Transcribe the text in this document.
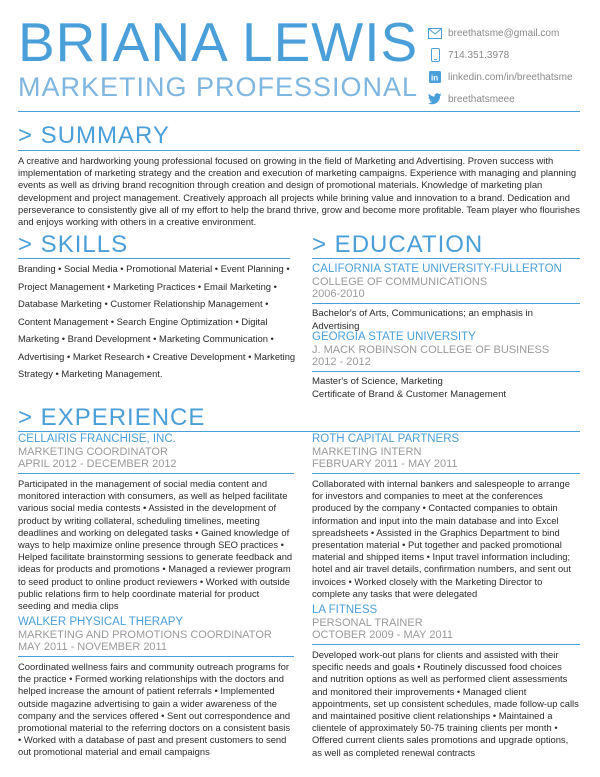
BRIANA LEWIS
MARKETING PROFESSIONAL
breethatsme@gmail.com
714.351.3978
in linkedin.com/in/breethatsme
breethatsmeee
> SUMMARY
A creative and hardworking young professional focused on growing in the field of Marketing and Advertising. Proven success with implementation of marketing strategy and the creation and execution of marketing campaigns. Experience with managing and planning events as well as driving brand recognition through creation and design of promotional materials. Knowledge of marketing plan development and project management. Creatively approach all projects while brining value and innovation to a brand. Dedication and perseverance to consistently give all of my effort to help the brand thrive, grow and become more profitable. Team player who flourishes and enjoys working with others in a creative environment.
> SKILLS
Branding • Social Media • Promotional Material • Event Planning •
Project Management • Marketing Practices • Email Marketing •
Database Marketing • Customer Relationship Management •
Content Management • Search Engine Optimization • Digital
Marketing • Brand Development • Marketing Communication •
Advertising • Market Research • Creative Development • Marketing
Strategy • Marketing Management.
> EDUCATION
CALIFORNIA STATE UNIVERSITY-FULLERTON
COLLEGE OF COMMUNICATIONS
2006-2010
Bachelor's of Arts, Communications; an emphasis in Advertising
GEORGIA STATE UNIVERSITY
J. MACK ROBINSON COLLEGE OF BUSINESS
2012 - 2012
Master's of Science, Marketing
Certificate of Brand & Customer Management
> EXPERIENCE
CELLAIRIS FRANCHISE, INC.
MARKETING COORDINATOR
APRIL 2012 - DECEMBER 2012
Participated in the management of social media content and monitored interaction with consumers, as well as helped facilitate various social media contests • Assisted in the development of product by writing collateral, scheduling timelines, meeting deadlines and working on delegated tasks • Gained knowledge of ways to help maximize online presence through SEO practices • Helped facilitate brainstorming sessions to generate feedback and ideas for products and promotions • Managed a reviewer program to seed product to online product reviewers • Worked with outside public relations firm to help coordinate material for product seeding and media clips
WALKER PHYSICAL THERAPY
MARKETING AND PROMOTIONS COORDINATOR
MAY 2011 - NOVEMBER 2011
Coordinated wellness fairs and community outreach programs for the practice • Formed working relationships with the doctors and helped increase the amount of patient referrals • Implemented outside magazine advertising to gain a wider awareness of the company and the services offered • Sent out correspondence and promotional material to the referring doctors on a consistent basis • Worked with a database of past and present customers to send out promotional material and email campaigns
ROTH CAPITAL PARTNERS
MARKETING INTERN
FEBRUARY 2011 - MAY 2011
Collaborated with internal bankers and salespeople to arrange for investors and companies to meet at the conferences produced by the company • Contacted companies to obtain information and input into the main database and into Excel spreadsheets • Assisted in the Graphics Department to bind presentation material • Put together and packed promotional material and shipped items • Input travel information including; hotel and air travel details, confirmation numbers, and sent out invoices • Worked closely with the Marketing Director to complete any tasks that were delegated
LA FITNESS
PERSONAL TRAINER
OCTOBER 2009 - MAY 2011
Developed work-out plans for clients and assisted with their specific needs and goals • Routinely discussed food choices and nutrition options as well as performed client assessments and monitored their improvements • Managed client appointments, set up consistent schedules, made follow-up calls and maintained positive client relationships • Maintained a clientele of approximately 50-75 training clients per month • Offered current clients sales promotions and upgrade options, as well as completed renewal contracts
